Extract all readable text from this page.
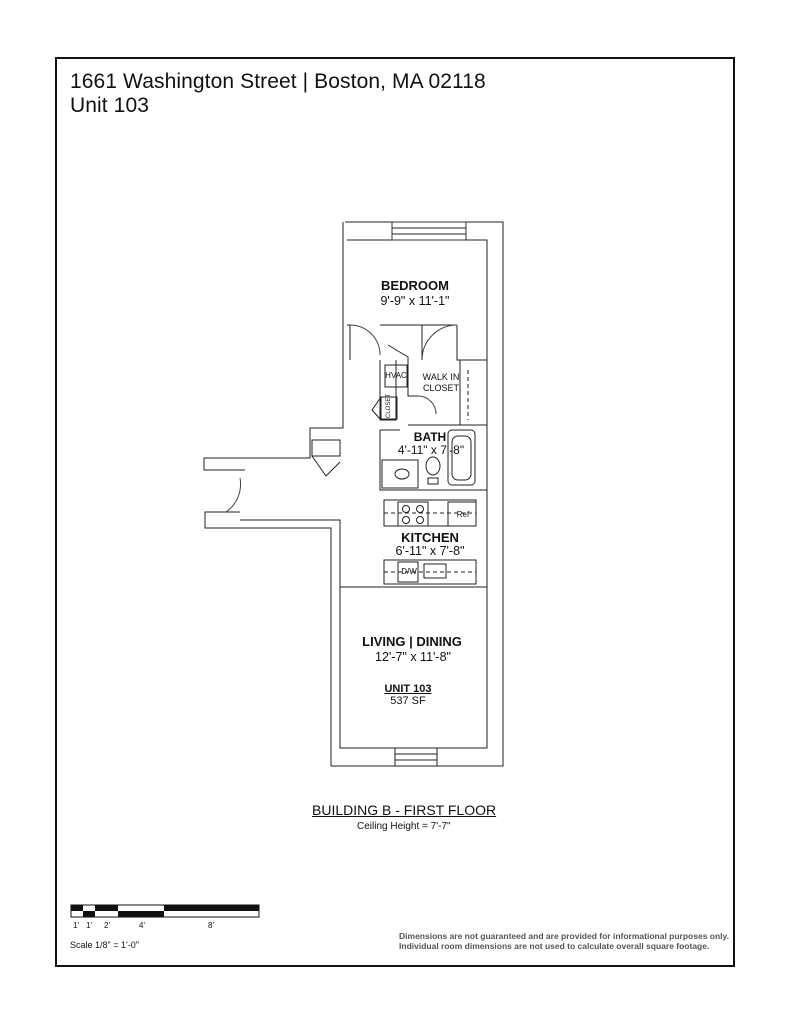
1661 Washington Street | Boston, MA 02118
Unit 103
BEDROOM
9'-9" x 11'-1"
HVAC
CLOSET
WALK IN
CLOSET
BATH
4'-11" x 7'-8"
Ref
KITCHEN
6'-11" x 7'-8"
D/W
LIVING | DINING
12'-7" x 11'-8"
UNIT 103
537 SF
BUILDING B - FIRST FLOOR
Ceiling Height = 7'-7"
1' 1' 2'	4'	8'
Scale 1/8" = 1'-0"
Dimensions are not guaranteed and are provided for informational purposes only.
Individual room dimensions are not used to calculate overall square footage.
